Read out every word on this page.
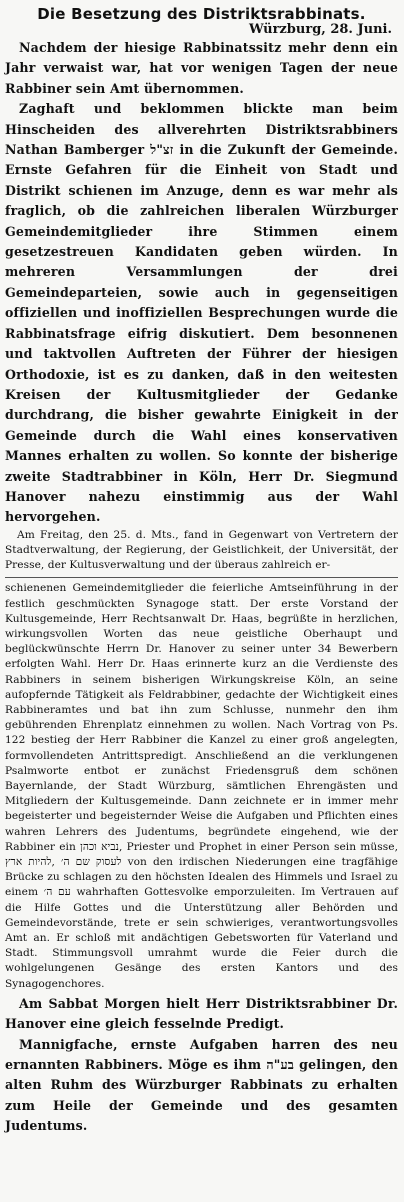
Die Besetzung des Distriktsrabbinats.
Würzburg, 28. Juni.

Nachdem der hiesige Rabbinatssitz mehr denn ein Jahr verwaist war, hat vor wenigen Tagen der neue Rabbiner sein Amt übernommen.

Zaghaft und beklommen blickte man beim Hinscheiden des allverehrten Distriktsrabbiners Nathan Bamberger זצ"ל in die Zukunft der Gemeinde. Ernste Gefahren für die Einheit von Stadt und Distrikt schienen im Anzuge, denn es war mehr als fraglich, ob die zahlreichen liberalen Würzburger Gemeindemitglieder ihre Stimmen einem gesetzestreuen Kandidaten geben würden. In mehreren Versammlungen der drei Gemeindeparteien, sowie auch in gegenseitigen offiziellen und inoffiziellen Besprechungen wurde die Rabbinatsfrage eifrig diskutiert. Dem besonnenen und taktvollen Auftreten der Führer der hiesigen Orthodoxie, ist es zu danken, daß in den weitesten Kreisen der Kultusmitglieder der Gedanke durchdrang, die bisher gewahrte Einigkeit in der Gemeinde durch die Wahl eines konservativen Mannes erhalten zu wollen. So konnte der bisherige zweite Stadtrabbiner in Köln, Herr Dr. Siegmund Hanover nahezu einstimmig aus der Wahl hervorgehen.

Am Freitag, den 25. d. Mts., fand in Gegenwart von Vertretern der Stadtverwaltung, der Regierung, der Geistlichkeit, der Universität, der Presse, der Kultusverwaltung und der überaus zahlreich er-

schienenen Gemeindemitglieder die feierliche Amtseinführung in der festlich geschmückten Synagoge statt. Der erste Vorstand der Kultusgemeinde, Herr Rechtsanwalt Dr. Haas, begrüßte in herzlichen, wirkungsvollen Worten das neue geistliche Oberhaupt und beglückwünschte Herrn Dr. Hanover zu seiner unter 34 Bewerbern erfolgten Wahl. Herr Dr. Haas erinnerte kurz an die Verdienste des Rabbiners in seinem bisherigen Wirkungskreise Köln, an seine aufopfernde Tätigkeit als Feldrabbiner, gedachte der Wichtigkeit eines Rabbineramtes und bat ihn zum Schlusse, nunmehr den ihm gebührenden Ehrenplatz einnehmen zu wollen. Nach Vortrag von Ps. 122 bestieg der Herr Rabbiner die Kanzel zu einer groß angelegten, formvollendeten Antrittspredigt. Anschließend an die verklungenen Psalmworte entbot er zunächst Friedensgruß dem schönen Bayernlande, der Stadt Würzburg, sämtlichen Ehrengästen und Mitgliedern der Kultusgemeinde. Dann zeichnete er in immer mehr begeisterter und begeisternder Weise die Aufgaben und Pflichten eines wahren Lehrers des Judentums, begründete eingehend, wie der Rabbiner ein נביא וכהן, Priester und Prophet in einer Person sein müsse, לעסוק שם ה׳ ,להיות ארץ von den irdischen Niederungen eine tragfähige Brücke zu schlagen zu den höchsten Idealen des Himmels und Israel zu einem עם ה׳ wahrhaften Gottesvolke emporzuleiten. Im Vertrauen auf die Hilfe Gottes und die Unterstützung aller Behörden und Gemeindevorstände, trete er sein schwieriges, verantwortungsvolles Amt an. Er schloß mit andächtigen Gebetsworten für Vaterland und Stadt. Stimmungsvoll umrahmt wurde die Feier durch die wohlgelungenen Gesänge des ersten Kantors und des Synagogenchores.

Am Sabbat Morgen hielt Herr Distriktsrabbiner Dr. Hanover eine gleich fesselnde Predigt.

Mannigfache, ernste Aufgaben harren des neu ernannten Rabbiners. Möge es ihm בע"ה gelingen, den alten Ruhm des Würzburger Rabbinats zu erhalten zum Heile der Gemeinde und des gesamten Judentums.
